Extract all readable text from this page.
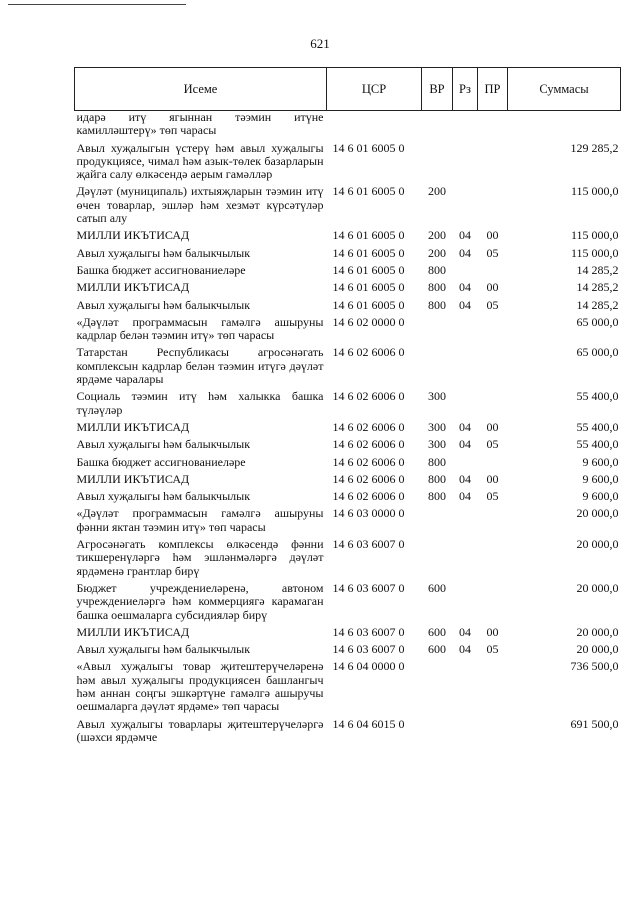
621
Исеме	ЦСР	ВР	Рз	ПР	Суммасы
идарә итү ягыннан тәэмин итүне камилләштерү» төп чарасы					
Авыл хуҗалыгын үстерү һәм авыл хуҗалыгы продукциясе, чимал һәм азык-төлек базарларын җайга салу өлкәсендә аерым гамәлләр	14 6 01 6005 0				129 285,2
Дәүләт (муниципаль) ихтыяҗларын тәэмин итү өчен товарлар, эшләр һәм хезмәт күрсәтүләр сатып алу	14 6 01 6005 0	200			115 000,0
МИЛЛИ ИКЪТИСАД	14 6 01 6005 0	200	04	00	115 000,0
Авыл хуҗалыгы һәм балыкчылык	14 6 01 6005 0	200	04	05	115 000,0
Башка бюджет ассигнованиеләре	14 6 01 6005 0	800			14 285,2
МИЛЛИ ИКЪТИСАД	14 6 01 6005 0	800	04	00	14 285,2
Авыл хуҗалыгы һәм балыкчылык	14 6 01 6005 0	800	04	05	14 285,2
«Дәүләт программасын гамәлгә ашыруны кадрлар белән тәэмин итү» төп чарасы	14 6 02 0000 0				65 000,0
Татарстан Республикасы агросәнәгать комплексын кадрлар белән тәэмин итүгә дәүләт ярдәме чаралары	14 6 02 6006 0				65 000,0
Социаль тәэмин итү һәм халыкка башка түләүләр	14 6 02 6006 0	300			55 400,0
МИЛЛИ ИКЪТИСАД	14 6 02 6006 0	300	04	00	55 400,0
Авыл хуҗалыгы һәм балыкчылык	14 6 02 6006 0	300	04	05	55 400,0
Башка бюджет ассигнованиеләре	14 6 02 6006 0	800			9 600,0
МИЛЛИ ИКЪТИСАД	14 6 02 6006 0	800	04	00	9 600,0
Авыл хуҗалыгы һәм балыкчылык	14 6 02 6006 0	800	04	05	9 600,0
«Дәүләт программасын гамәлгә ашыруны фәнни яктан тәэмин итү» төп чарасы	14 6 03 0000 0				20 000,0
Агросәнәгать комплексы өлкәсендә фәнни тикшеренүләргә һәм эшләнмәләргә дәүләт ярдәменә грантлар бирү	14 6 03 6007 0				20 000,0
Бюджет учреждениеләренә, автоном учреждениеләргә һәм коммерциягә карамаган башка оешмаларга субсидияләр бирү	14 6 03 6007 0	600			20 000,0
МИЛЛИ ИКЪТИСАД	14 6 03 6007 0	600	04	00	20 000,0
Авыл хуҗалыгы һәм балыкчылык	14 6 03 6007 0	600	04	05	20 000,0
«Авыл хуҗалыгы товар җитештерүчеләренә һәм авыл хуҗалыгы продукциясен башлангыч һәм аннан соңгы эшкәртүне гамәлгә ашыручы оешмаларга дәүләт ярдәме» төп чарасы	14 6 04 0000 0				736 500,0
Авыл хуҗалыгы товарлары җитештерүчеләргә (шәхси ярдәмче	14 6 04 6015 0				691 500,0
